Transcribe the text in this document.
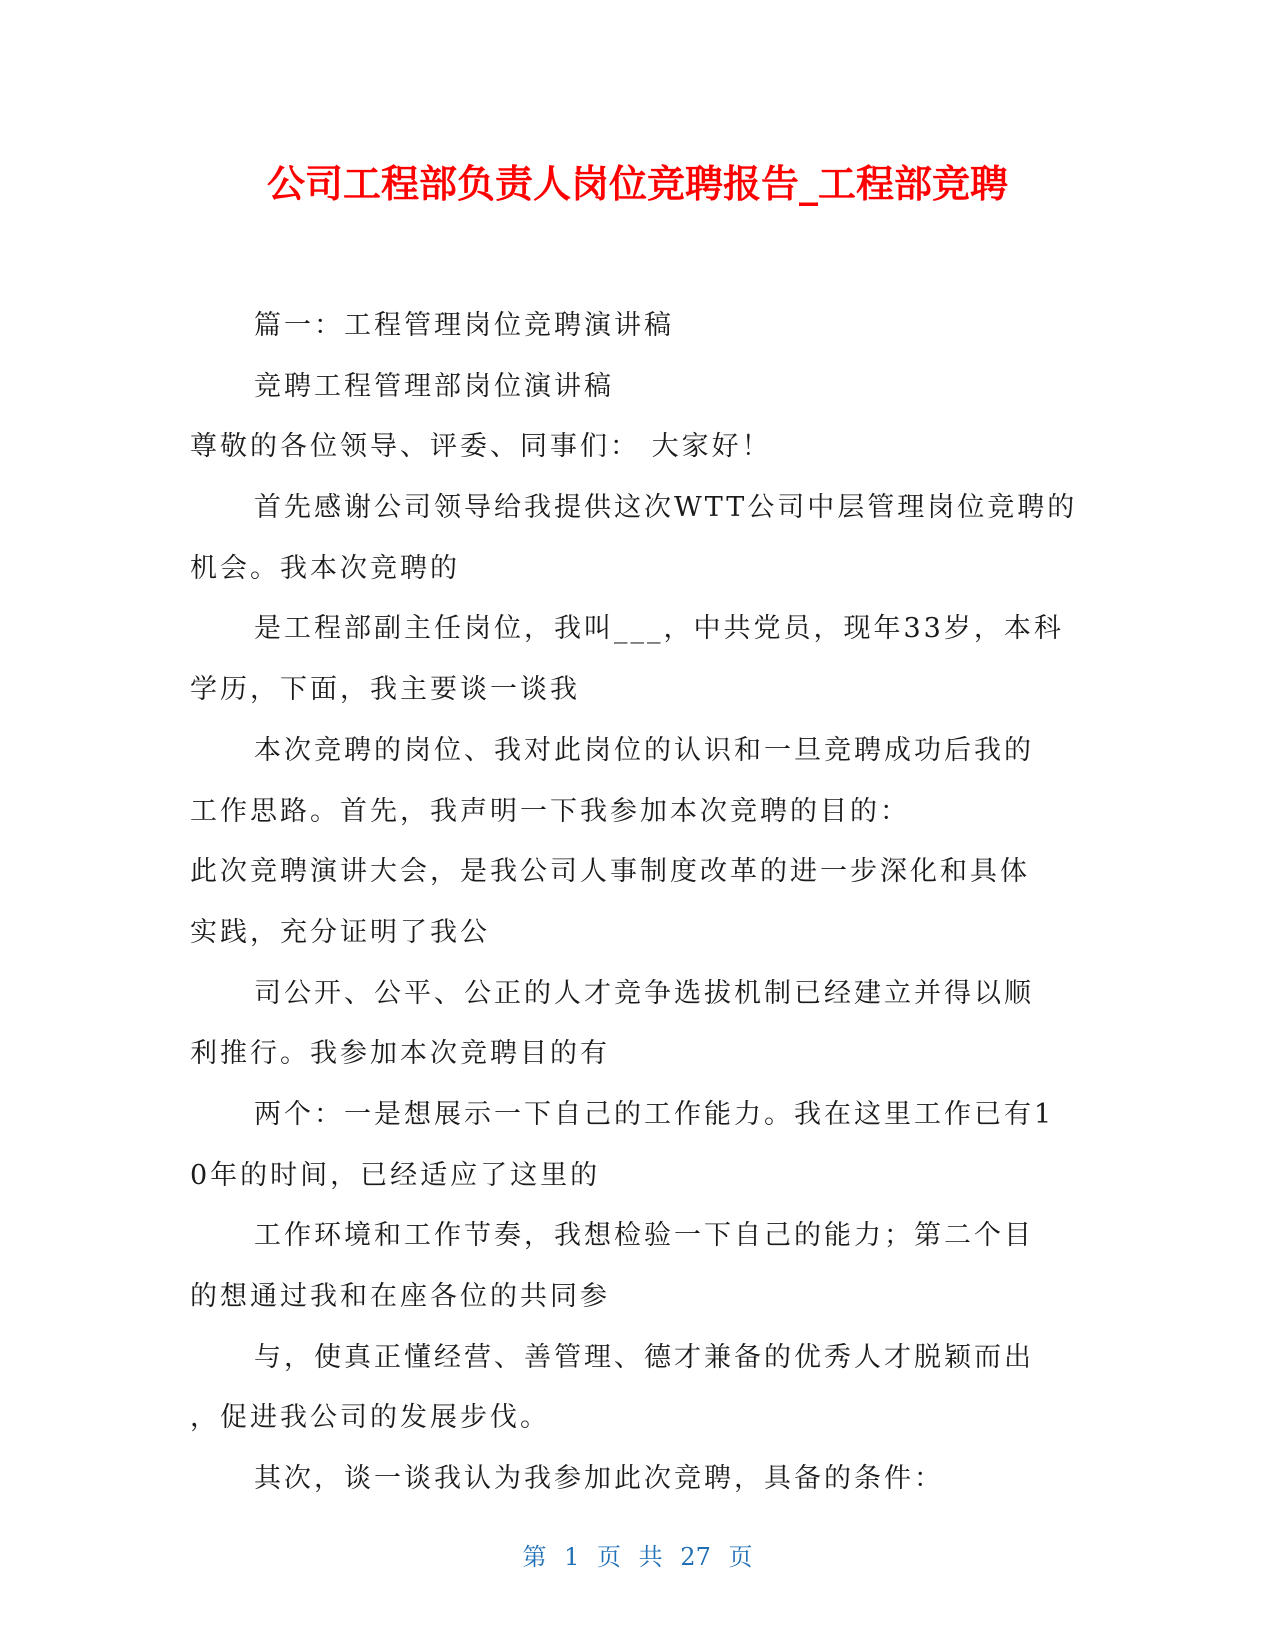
公司工程部负责人岗位竞聘报告_工程部竞聘

篇一：工程管理岗位竞聘演讲稿

竞聘工程管理部岗位演讲稿

尊敬的各位领导、评委、同事们： 大家好！

首先感谢公司领导给我提供这次WTT公司中层管理岗位竞聘的

机会。我本次竞聘的

是工程部副主任岗位，我叫___，中共党员，现年33岁，本科

学历，下面，我主要谈一谈我

本次竞聘的岗位、我对此岗位的认识和一旦竞聘成功后我的

工作思路。首先，我声明一下我参加本次竞聘的目的：

此次竞聘演讲大会，是我公司人事制度改革的进一步深化和具体

实践，充分证明了我公

司公开、公平、公正的人才竞争选拔机制已经建立并得以顺

利推行。我参加本次竞聘目的有

两个：一是想展示一下自己的工作能力。我在这里工作已有1

0年的时间，已经适应了这里的

工作环境和工作节奏，我想检验一下自己的能力；第二个目

的想通过我和在座各位的共同参

与，使真正懂经营、善管理、德才兼备的优秀人才脱颖而出

，促进我公司的发展步伐。

其次，谈一谈我认为我参加此次竞聘，具备的条件：

第 1 页 共 27 页
